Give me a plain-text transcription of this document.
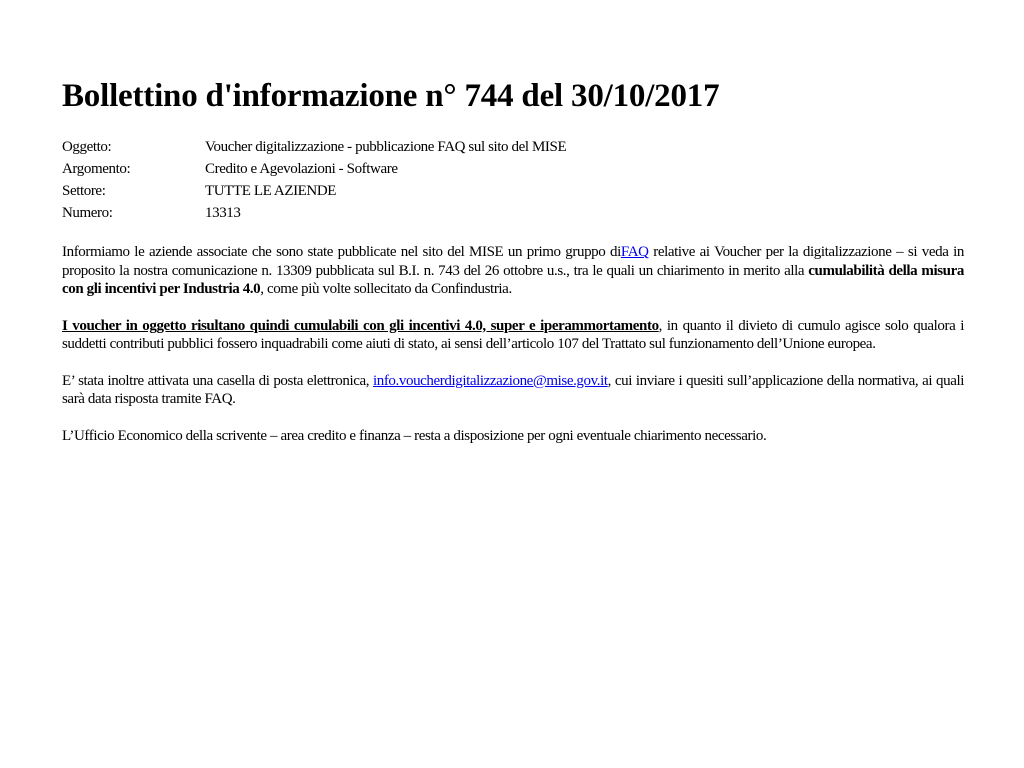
Bollettino d'informazione n° 744 del 30/10/2017
Oggetto:	Voucher digitalizzazione - pubblicazione FAQ sul sito del MISE
Argomento:	Credito e Agevolazioni - Software
Settore:	TUTTE LE AZIENDE
Numero:	13313

Informiamo le aziende associate che sono state pubblicate nel sito del MISE un primo gruppo diFAQ relative ai Voucher per la digitalizzazione – si veda in proposito la nostra comunicazione n. 13309 pubblicata sul B.I. n. 743 del 26 ottobre u.s., tra le quali un chiarimento in merito alla cumulabilità della misura con gli incentivi per Industria 4.0, come più volte sollecitato da Confindustria.

I voucher in oggetto risultano quindi cumulabili con gli incentivi 4.0, super e iperammortamento, in quanto il divieto di cumulo agisce solo qualora i suddetti contributi pubblici fossero inquadrabili come aiuti di stato, ai sensi dell’articolo 107 del Trattato sul funzionamento dell’Unione europea.

E’ stata inoltre attivata una casella di posta elettronica, info.voucherdigitalizzazione@mise.gov.it, cui inviare i quesiti sull’applicazione della normativa, ai quali sarà data risposta tramite FAQ.

L’Ufficio Economico della scrivente – area credito e finanza – resta a disposizione per ogni eventuale chiarimento necessario.
